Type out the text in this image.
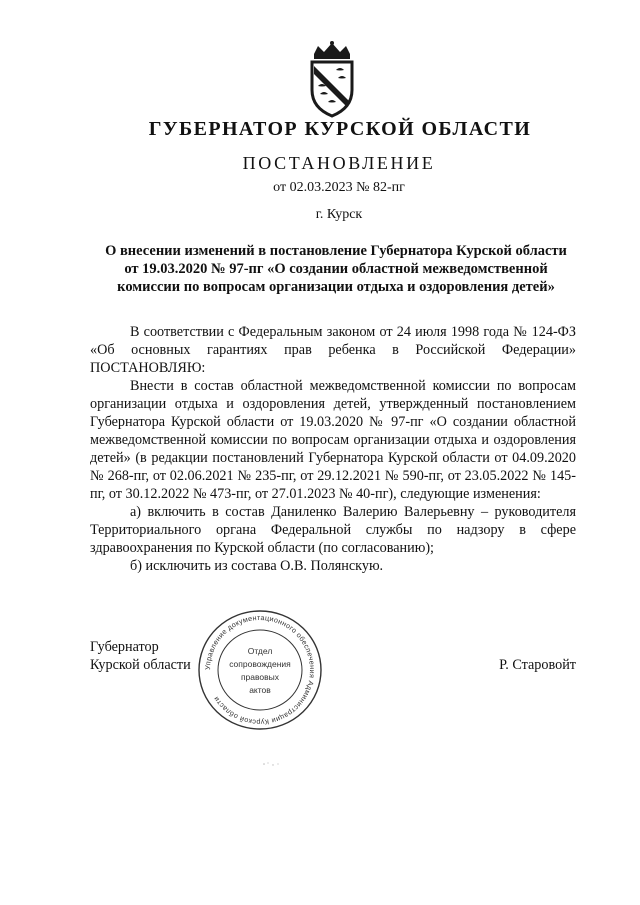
ГУБЕРНАТОР КУРСКОЙ ОБЛАСТИ
ПОСТАНОВЛЕНИЕ
от 02.03.2023 № 82-пг
г. Курск
О внесении изменений в постановление Губернатора Курской области
от 19.03.2020 № 97-пг «О создании областной межведомственной
комиссии по вопросам организации отдыха и оздоровления детей»

В соответствии с Федеральным законом от 24 июля 1998 года № 124-ФЗ «Об основных гарантиях прав ребенка в Российской Федерации» ПОСТАНОВЛЯЮ:

Внести в состав областной межведомственной комиссии по вопросам организации отдыха и оздоровления детей, утвержденный постановлением Губернатора Курской области от 19.03.2020 № 97-пг «О создании областной межведомственной комиссии по вопросам организации отдыха и оздоровления детей» (в редакции постановлений Губернатора Курской области от 04.09.2020 № 268-пг, от 02.06.2021 № 235-пг, от 29.12.2021 № 590-пг, от 23.05.2022 № 145-пг, от 30.12.2022 № 473-пг, от 27.01.2023 № 40-пг), следующие изменения:

а) включить в состав Даниленко Валерию Валерьевну – руководителя Территориального органа Федеральной службы по надзору в сфере здравоохранения по Курской области (по согласованию);

б) исключить из состава О.В. Полянскую.

Губернатор
Курской области	Р. Старовойт
Управление документационного обеспечения Администрации Курской области
Отдел
сопровождения
правовых
актов
